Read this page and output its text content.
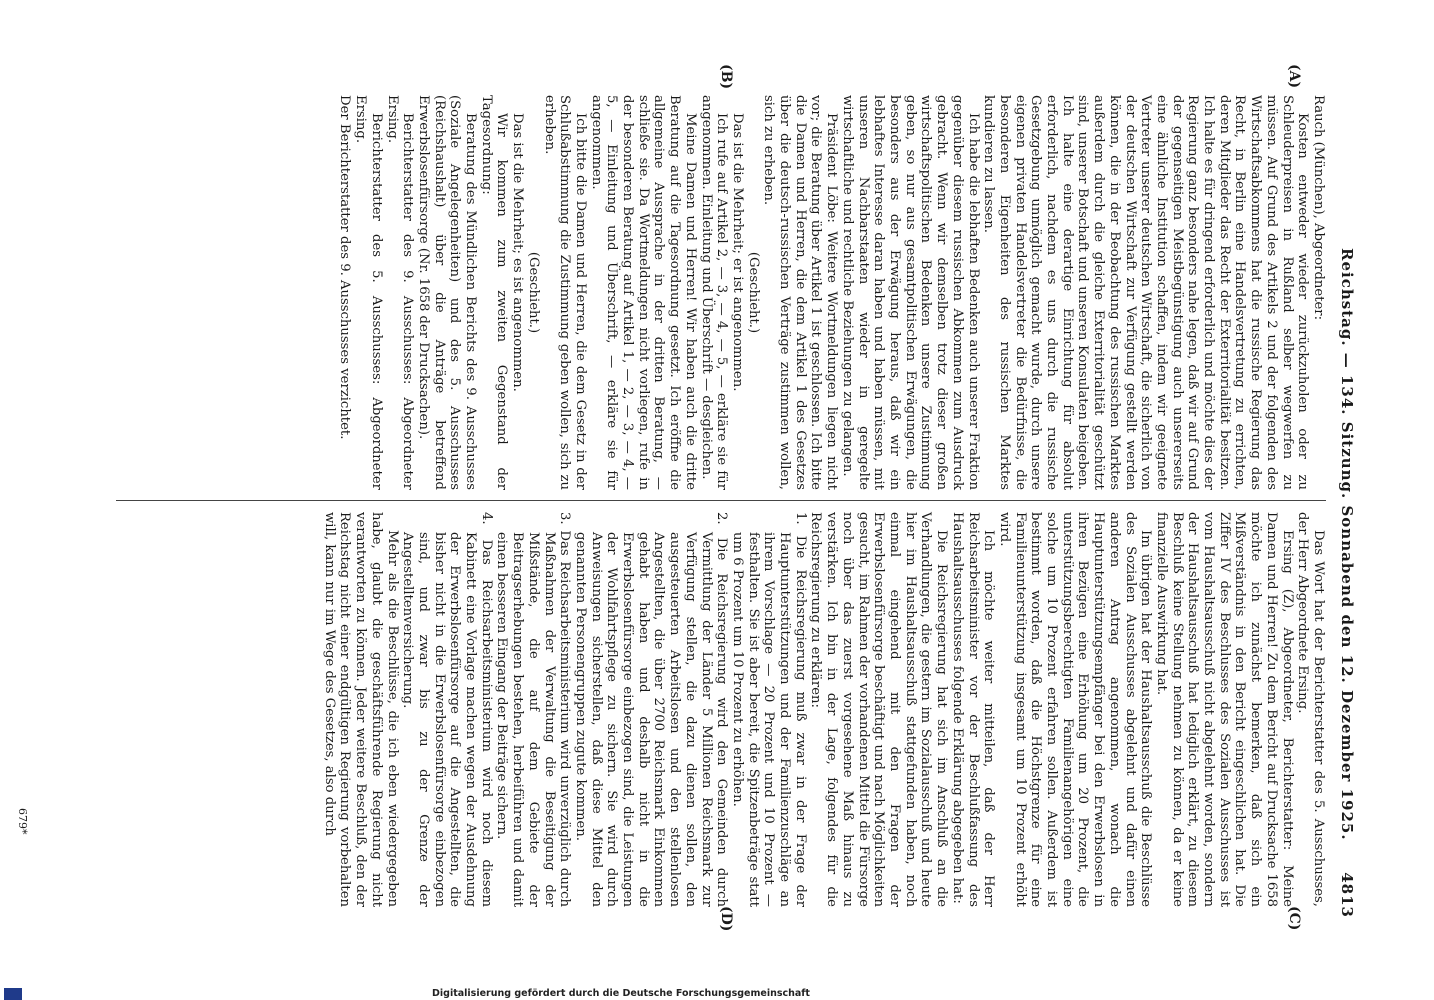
Reichstag. — 134. Sitzung. Sonnabend den 12. Dezember 1925.
4813
(A)
(B)
(C)
(D)

Rauch (München), Abgeordneter:

Kosten entweder wieder zurückzuholen oder zu Schleuderpreisen in Rußland selber wegwerfen zu müssen. Auf Grund des Artikels 2 und der folgenden des Wirtschaftsabkommens hat die russische Regierung das Recht, in Berlin eine Handelsvertretung zu errichten, deren Mitglieder das Recht der Exterritorialität besitzen. Ich halte es für dringend erforderlich und möchte dies der Regierung ganz besonders nahe legen, daß wir auf Grund der gegenseitigen Meistbegünstigung auch unsererseits eine ähnliche Institution schaffen, indem wir geeignete Vertreter unserer deutschen Wirtschaft, die sicherlich von der deutschen Wirtschaft zur Verfügung gestellt werden können, die in der Beobachtung des russischen Marktes außerdem durch die gleiche Exterritorialität geschützt sind, unserer Botschaft und unseren Konsulaten beigeben. Ich halte eine derartige Einrichtung für absolut erforderlich, nachdem es uns durch die russische Gesetzgebung unmöglich gemacht wurde, durch unsere eigenen privaten Handelsvertreter die Bedürfnisse, die besonderen Eigenheiten des russischen Marktes kundieren zu lassen.

Ich habe die lebhaften Bedenken auch unserer Fraktion gegenüber diesem russischen Abkommen zum Ausdruck gebracht. Wenn wir demselben trotz dieser großen wirtschaftspolitischen Bedenken unsere Zustimmung geben, so nur aus gesamtpolitischen Erwägungen, die besonders aus der Erwägung heraus, daß wir ein lebhaftes Interesse daran haben und haben müssen, mit unseren Nachbarstaaten wieder in geregelte wirtschaftliche und rechtliche Beziehungen zu gelangen.

Präsident Löbe: Weitere Wortmeldungen liegen nicht vor; die Beratung über Artikel 1 ist geschlossen. Ich bitte die Damen und Herren, die dem Artikel 1 des Gesetzes über die deutsch-russischen Verträge zustimmen wollen, sich zu erheben.

(Geschieht.)

Das ist die Mehrheit; er ist angenommen.

Ich rufe auf Artikel 2, — 3, — 4, — 5, — erkläre sie für angenommen. Einleitung und Überschrift — desgleichen.

Meine Damen und Herren! Wir haben auch die dritte Beratung auf die Tagesordnung gesetzt. Ich eröffne die allgemeine Aussprache in der dritten Beratung, — schließe sie. Da Wortmeldungen nicht vorliegen, rufe in der besonderen Beratung auf Artikel 1, — 2, — 3, — 4, — 5, — Einleitung und Überschrift, — erkläre sie für angenommen.

Ich bitte die Damen und Herren, die dem Gesetz in der Schlußabstimmung die Zustimmung geben wollen, sich zu erheben.

(Geschieht.)

Das ist die Mehrheit; es ist angenommen.

Wir kommen zum zweiten Gegenstand der Tagesordnung:

Beratung des Mündlichen Berichts des 9. Ausschusses (Soziale Angelegenheiten) und des 5. Ausschusses (Reichshaushalt) über die Anträge betreffend Erwerbslosenfürsorge (Nr. 1658 der Drucksachen).

Berichterstatter des 9. Ausschusses: Abgeordneter Ersing.

Berichterstatter des 5. Ausschusses: Abgeordneter Ersing.

Der Berichterstatter des 9. Ausschusses verzichtet.

Das Wort hat der Berichterstatter des 5. Ausschusses, der Herr Abgeordnete Ersing.

Ersing (Z), Abgeordneter, Berichterstatter: Meine Damen und Herren! Zu dem Bericht auf Drucksache 1658 möchte ich zunächst bemerken, daß sich ein Mißverständnis in den Bericht eingeschlichen hat. Die Ziffer IV des Beschlusses des Sozialen Ausschusses ist vom Haushaltsausschuß nicht abgelehnt worden, sondern der Haushaltsausschuß hat lediglich erklärt, zu diesem Beschluß keine Stellung nehmen zu können, da er keine finanzielle Auswirkung hat.

Im übrigen hat der Haushaltsausschuß die Beschlüsse des Sozialen Ausschusses abgelehnt und dafür einen anderen Antrag angenommen, wonach die Hauptunterstützungsempfänger bei den Erwerbslosen in ihren Bezügen eine Erhöhung um 20 Prozent, die unterstützungsberechtigten Familienangehörigen eine solche um 10 Prozent erfahren sollen. Außerdem ist bestimmt worden, daß die Höchstgrenze für eine Familienunterstützung insgesamt um 10 Prozent erhöht wird.

Ich möchte weiter mitteilen, daß der Herr Reichsarbeitsminister vor der Beschlußfassung des Haushaltsausschusses folgende Erklärung abgegeben hat:

Die Reichsregierung hat sich im Anschluß an die Verhandlungen, die gestern im Sozialausschuß und heute hier im Haushaltsausschuß stattgefunden haben, noch einmal eingehend mit den Fragen der Erwerbslosenfürsorge beschäftigt und nach Möglichkeiten gesucht, im Rahmen der vorhandenen Mittel die Fürsorge noch über das zuerst vorgesehene Maß hinaus zu verstärken. Ich bin in der Lage, folgendes für die Reichsregierung zu erklären:

1. Die Reichsregierung muß zwar in der Frage der Hauptunterstützungen und der Familienzuschläge an ihrem Vorschlage — 20 Prozent und 10 Prozent — festhalten. Sie ist aber bereit, die Spitzenbeträge statt um 6 Prozent um 10 Prozent zu erhöhen.

2. Die Reichsregierung wird den Gemeinden durch Vermittlung der Länder 5 Millionen Reichsmark zur Verfügung stellen, die dazu dienen sollen, den ausgesteuerten Arbeitslosen und den stellenlosen Angestellten, die über 2700 Reichsmark Einkommen gehabt haben und deshalb nicht in die Erwerbslosenfürsorge einbezogen sind, die Leistungen der Wohlfahrtspflege zu sichern. Sie wird durch Anweisungen sicherstellen, daß diese Mittel den genannten Personengruppen zugute kommen.

3. Das Reichsarbeitsministerium wird unverzüglich durch Maßnahmen der Verwaltung die Beseitigung der Mißstände, die auf dem Gebiete der Beitragserhebungen bestehen, herbeiführen und damit einen besseren Eingang der Beiträge sichern.

4. Das Reichsarbeitsministerium wird noch diesem Kabinett eine Vorlage machen wegen der Ausdehnung der Erwerbslosenfürsorge auf die Angestellten, die bisher nicht in die Erwerbslosenfürsorge einbezogen sind, und zwar bis zu der Grenze der Angestelltenversicherung.

Mehr als die Beschlüsse, die ich eben wiedergegeben habe, glaubt die geschäftsführende Regierung nicht verantworten zu können. Jeder weitere Beschluß, den der Reichstag nicht einer endgültigen Regierung vorbehalten will, kann nur im Wege des Gesetzes, also durch

679*
Digitalisierung gefördert durch die Deutsche Forschungsgemeinschaft
